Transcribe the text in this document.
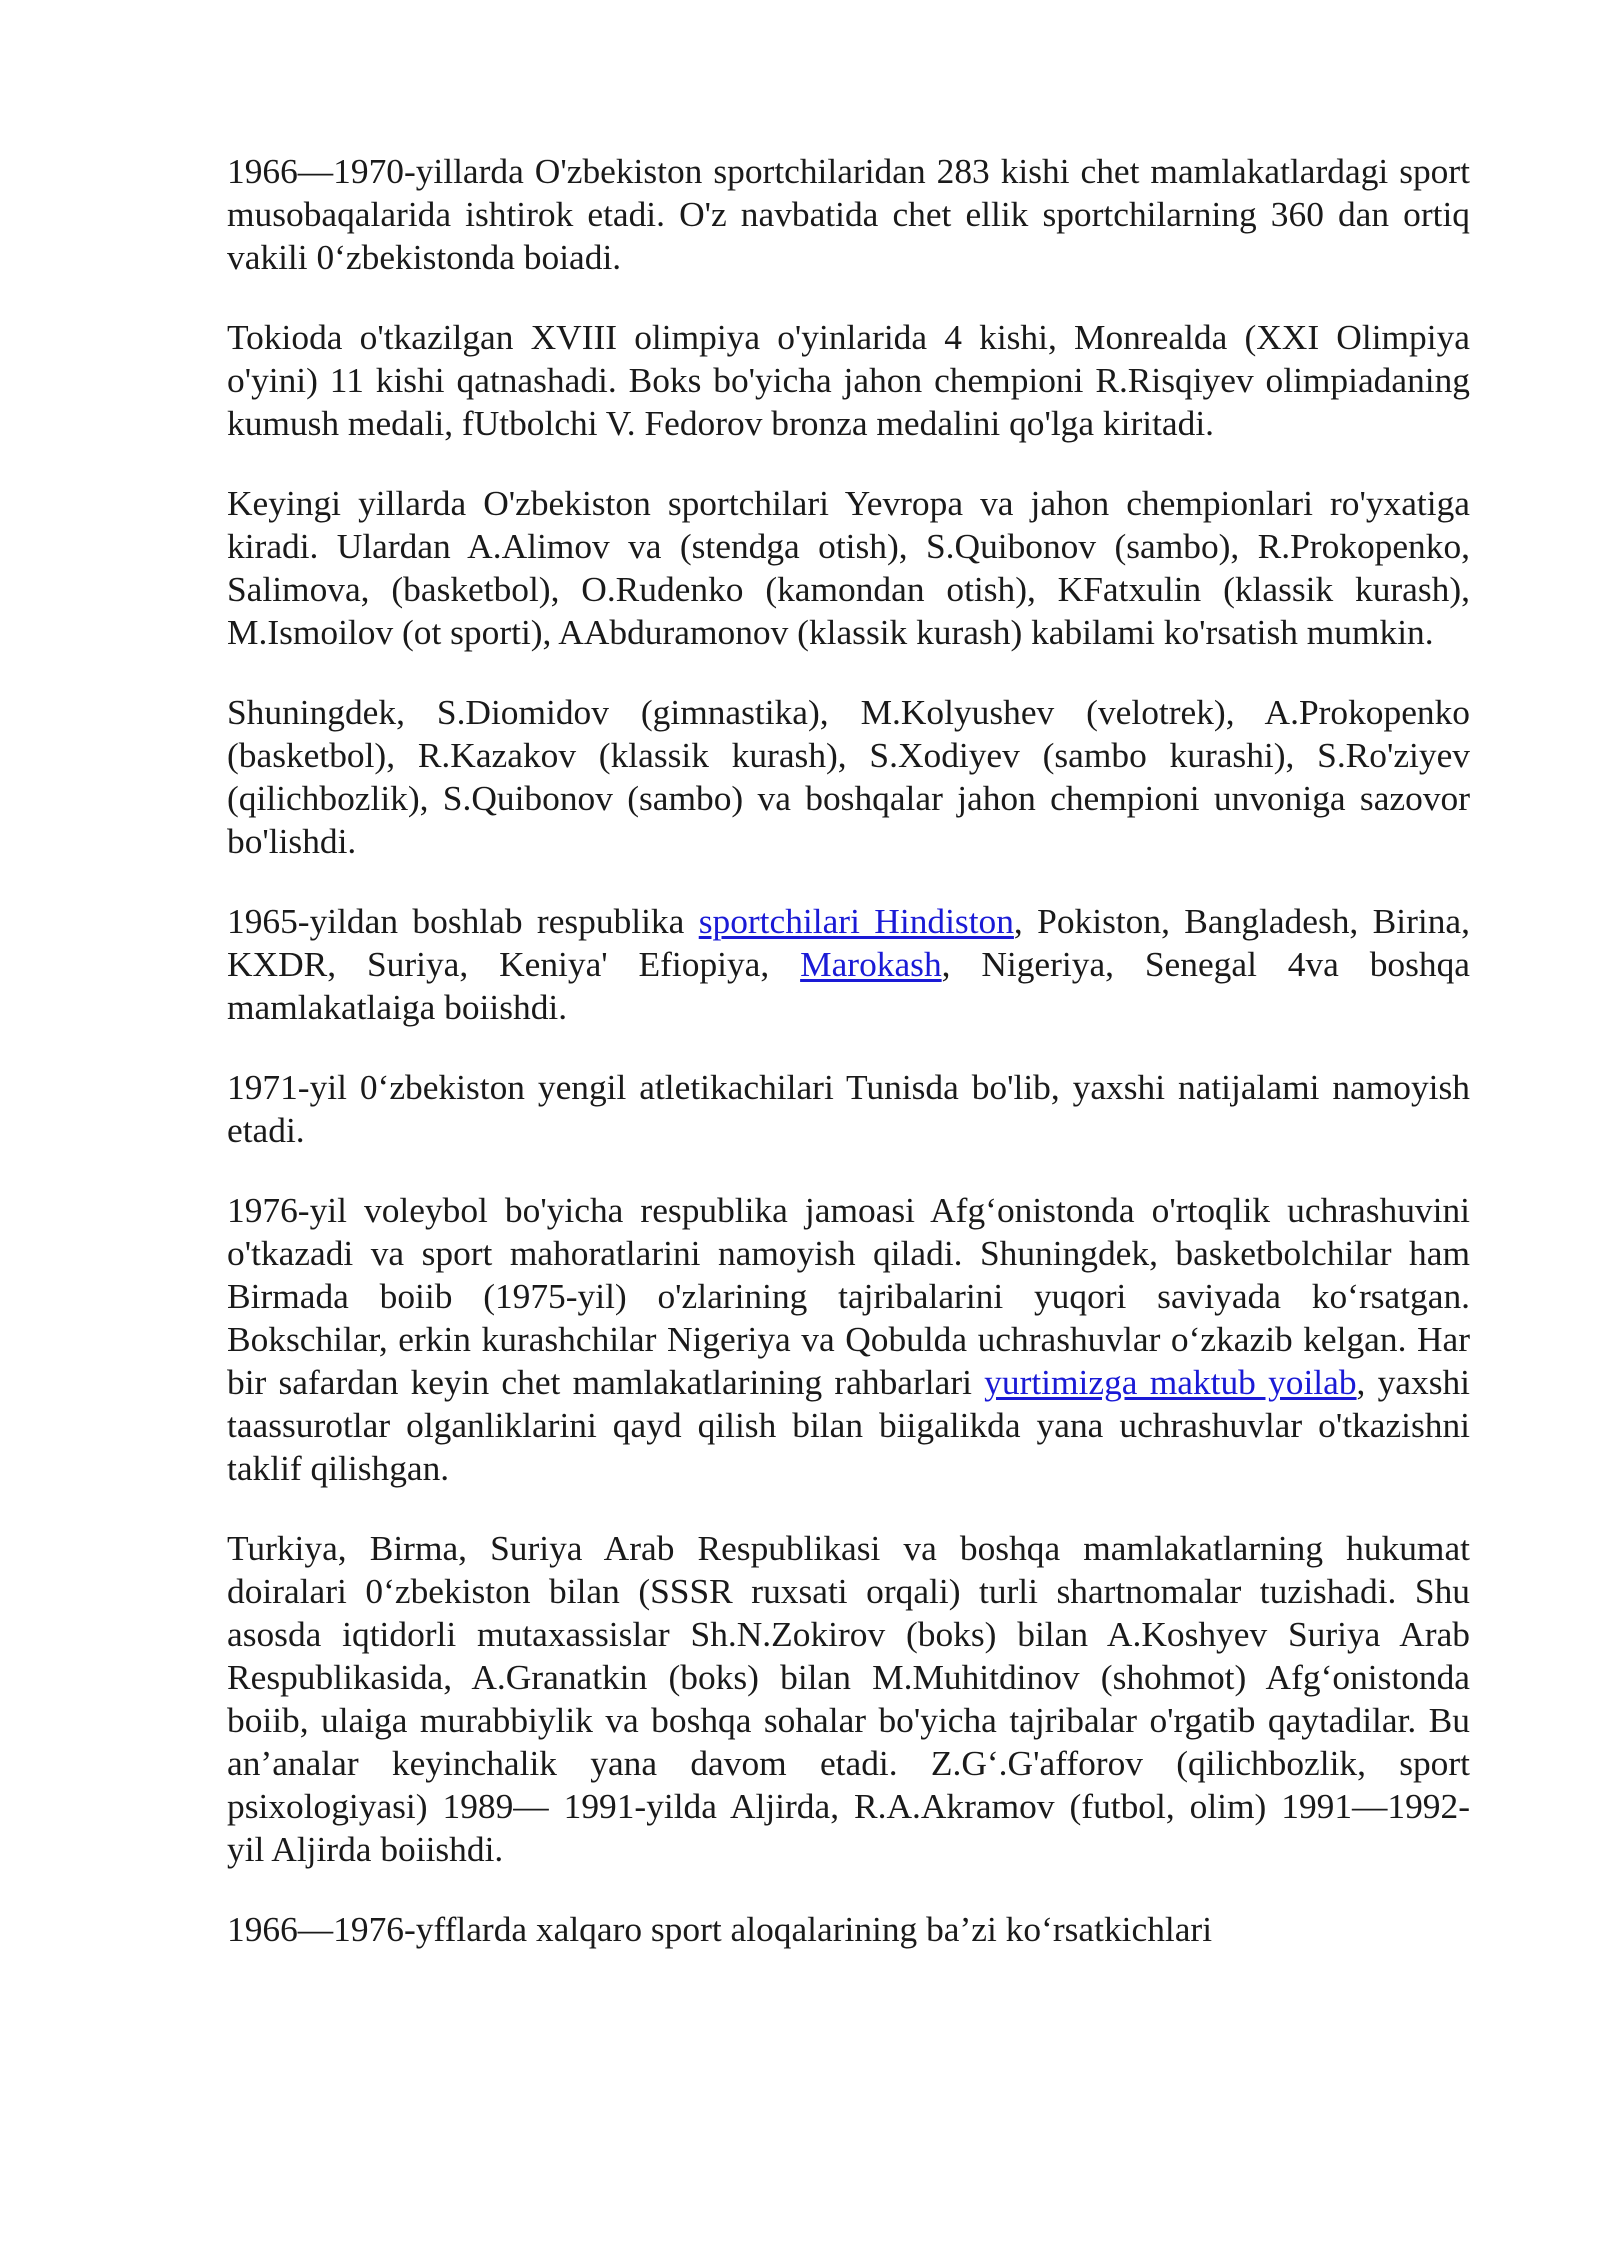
1966—1970-yillarda O'zbekiston sportchilaridan 283 kishi chet mamlakatlardagi sport musobaqalarida ishtirok etadi. O'z navbatida chet ellik sportchilarning 360 dan ortiq vakili 0‘zbekistonda boiadi.

Tokioda o'tkazilgan XVIII olimpiya o'yinlarida 4 kishi, Monrealda (XXI Olimpiya o'yini) 11 kishi qatnashadi. Boks bo'yicha jahon chempioni R.Risqiyev olimpiadaning kumush medali, fUtbolchi V. Fedorov bronza medalini qo'lga kiritadi.

Keyingi yillarda O'zbekiston sportchilari Yevropa va jahon chempionlari ro'yxatiga kiradi. Ulardan A.Alimov va (stendga otish), S.Quibonov (sambo), R.Prokopenko, Salimova, (basketbol), O.Rudenko (kamondan otish), KFatxulin (klassik kurash), M.Ismoilov (ot sporti), AAbduramonov (klassik kurash) kabilami ko'rsatish mumkin.

Shuningdek, S.Diomidov (gimnastika), M.Kolyushev (velotrek), A.Prokopenko (basketbol), R.Kazakov (klassik kurash), S.Xodiyev (sambo kurashi), S.Ro'ziyev (qilichbozlik), S.Quibonov (sambo) va boshqalar jahon chempioni unvoniga sazovor bo'lishdi.

1965-yildan boshlab respublika sportchilari Hindiston, Pokiston, Bangladesh, Birina, KXDR, Suriya, Keniya' Efiopiya, Marokash, Nigeriya, Senegal 4va boshqa mamlakatlaiga boiishdi.

1971-yil 0‘zbekiston yengil atletikachilari Tunisda bo'lib, yaxshi natijalami namoyish etadi.

1976-yil voleybol bo'yicha respublika jamoasi Afg‘onistonda o'rtoqlik uchrashuvini o'tkazadi va sport mahoratlarini namoyish qiladi. Shuningdek, basketbolchilar ham Birmada boiib (1975-yil) o'zlarining tajribalarini yuqori saviyada ko‘rsatgan. Bokschilar, erkin kurashchilar Nigeriya va Qobulda uchrashuvlar o‘zkazib kelgan. Har bir safardan keyin chet mamlakatlarining rahbarlari yurtimizga maktub yoilab, yaxshi taassurotlar olganliklarini qayd qilish bilan biigalikda yana uchrashuvlar o'tkazishni taklif qilishgan.

Turkiya, Birma, Suriya Arab Respublikasi va boshqa mamlakatlarning hukumat doiralari 0‘zbekiston bilan (SSSR ruxsati orqali) turli shartnomalar tuzishadi. Shu asosda iqtidorli mutaxassislar Sh.N.Zokirov (boks) bilan A.Koshyev Suriya Arab Respublikasida, A.Granatkin (boks) bilan M.Muhitdinov (shohmot) Afg‘onistonda boiib, ulaiga murabbiylik va boshqa sohalar bo'yicha tajribalar o'rgatib qaytadilar. Bu an’analar keyinchalik yana davom etadi. Z.G‘.G'afforov (qilichbozlik, sport psixologiyasi) 1989— 1991-yilda Aljirda, R.A.Akramov (futbol, olim) 1991—1992- yil Aljirda boiishdi.

1966—1976-yfflarda xalqaro sport aloqalarining ba’zi ko‘rsatkichlari
